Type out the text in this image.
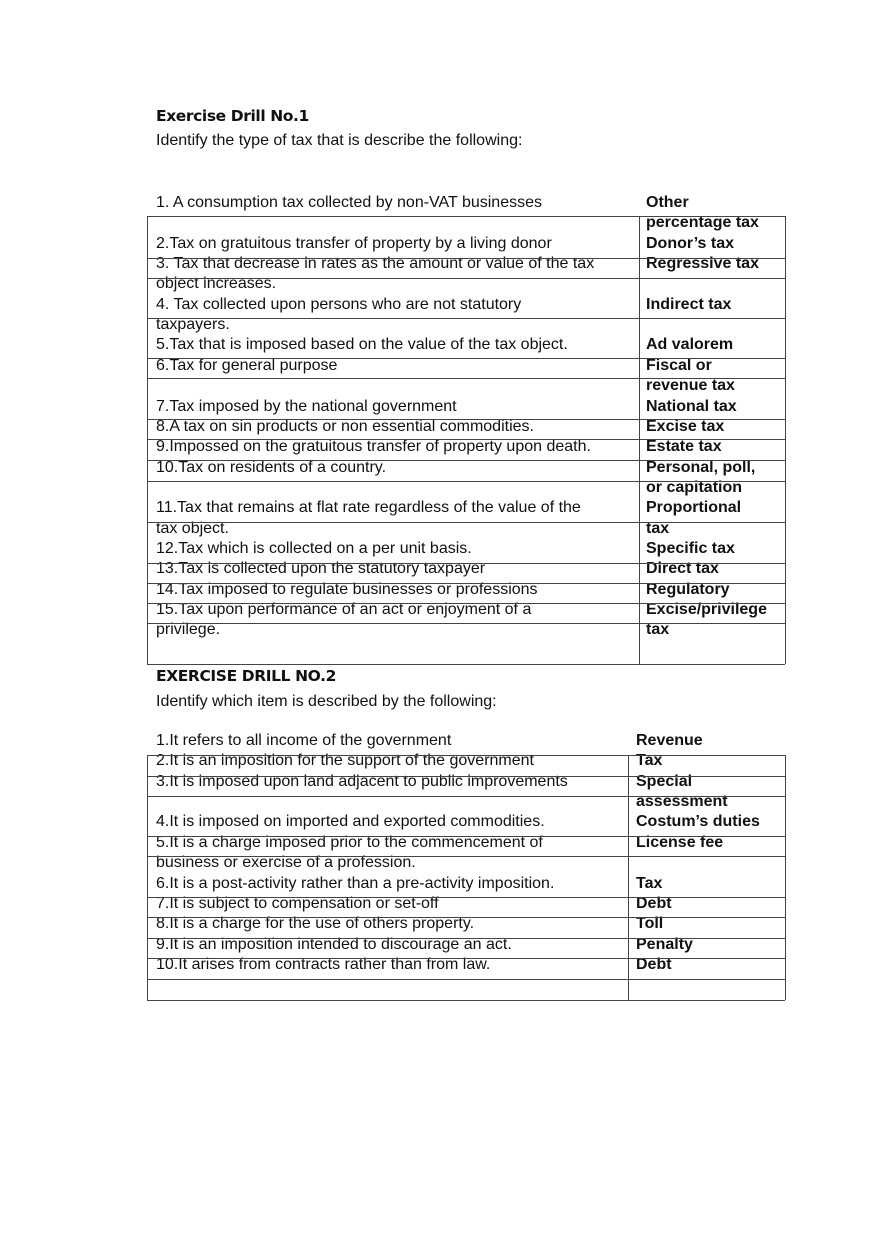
Exercise Drill No.1
Identify the type of tax that is describe the following:
1. A consumption tax collected by non-VAT businesses	Other
percentage tax
2.Tax on gratuitous transfer of property by a living donor	Donor’s tax
3. Tax that decrease in rates as the amount or value of the tax	Regressive tax
object increases.
4. Tax collected upon persons who are not statutory	Indirect tax
taxpayers.
5.Tax that is imposed based on the value of the tax object.	Ad valorem
6.Tax for general purpose	Fiscal or
revenue tax
7.Tax imposed by the national government	National tax
8.A tax on sin products or non essential commodities.	Excise tax
9.Impossed on the gratuitous transfer of property upon death.	Estate tax
10.Tax on residents of a country.	Personal, poll,
or capitation
11.Tax that remains at flat rate regardless of the value of the	Proportional
tax object.	tax
12.Tax which is collected on a per unit basis.	Specific tax
13.Tax is collected upon the statutory taxpayer	Direct tax
14.Tax imposed to regulate businesses or professions	Regulatory
15.Tax upon performance of an act or enjoyment of a	Excise/privilege
privilege.	tax
EXERCISE DRILL NO.2
Identify which item is described by the following:
1.It refers to all income of the government	Revenue
2.It is an imposition for the support of the government	Tax
3.It is imposed upon land adjacent to public improvements	Special
assessment
4.It is imposed on imported and exported commodities.	Costum’s duties
5.It is a charge imposed prior to the commencement of	License fee
business or exercise of a profession.
6.It is a post-activity rather than a pre-activity imposition.	Tax
7.It is subject to compensation or set-off	Debt
8.It is a charge for the use of others property.	Toll
9.It is an imposition intended to discourage an act.	Penalty
10.It arises from contracts rather than from law.	Debt
